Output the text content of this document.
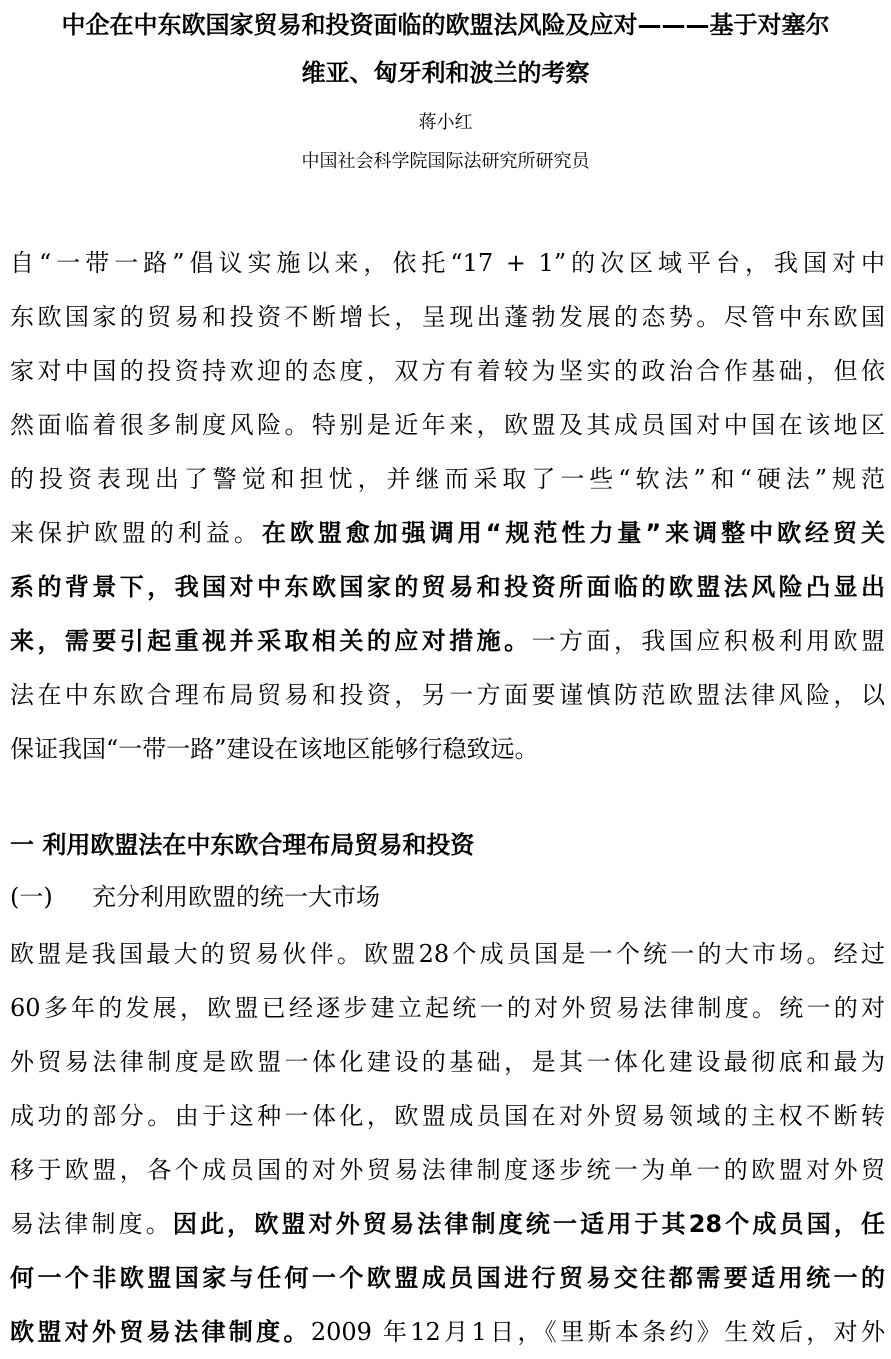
中企在中东欧国家贸易和投资面临的欧盟法风险及应对———基于对塞尔
维亚、匈牙利和波兰的考察
蒋小红
中国社会科学院国际法研究所研究员
自“一带一路”倡议实施以来，依托“17 + 1”的次区域平台，我国对中
东欧国家的贸易和投资不断增长，呈现出蓬勃发展的态势。尽管中东欧国
家对中国的投资持欢迎的态度，双方有着较为坚实的政治合作基础，但依
然面临着很多制度风险。特别是近年来，欧盟及其成员国对中国在该地区
的投资表现出了警觉和担忧，并继而采取了一些“软法”和“硬法”规范
来保护欧盟的利益。在欧盟愈加强调用“规范性力量”来调整中欧经贸关
系的背景下，我国对中东欧国家的贸易和投资所面临的欧盟法风险凸显出
来，需要引起重视并采取相关的应对措施。一方面，我国应积极利用欧盟
法在中东欧合理布局贸易和投资，另一方面要谨慎防范欧盟法律风险，以
保证我国“一带一路”建设在该地区能够行稳致远。
一 利用欧盟法在中东欧合理布局贸易和投资
(一) 充分利用欧盟的统一大市场
欧盟是我国最大的贸易伙伴。欧盟28个成员国是一个统一的大市场。经过
60多年的发展，欧盟已经逐步建立起统一的对外贸易法律制度。统一的对
外贸易法律制度是欧盟一体化建设的基础，是其一体化建设最彻底和最为
成功的部分。由于这种一体化，欧盟成员国在对外贸易领域的主权不断转
移于欧盟，各个成员国的对外贸易法律制度逐步统一为单一的欧盟对外贸
易法律制度。因此，欧盟对外贸易法律制度统一适用于其28个成员国，任
何一个非欧盟国家与任何一个欧盟成员国进行贸易交往都需要适用统一的
欧盟对外贸易法律制度。2009 年12月1日，《里斯本条约》生效后，对外
